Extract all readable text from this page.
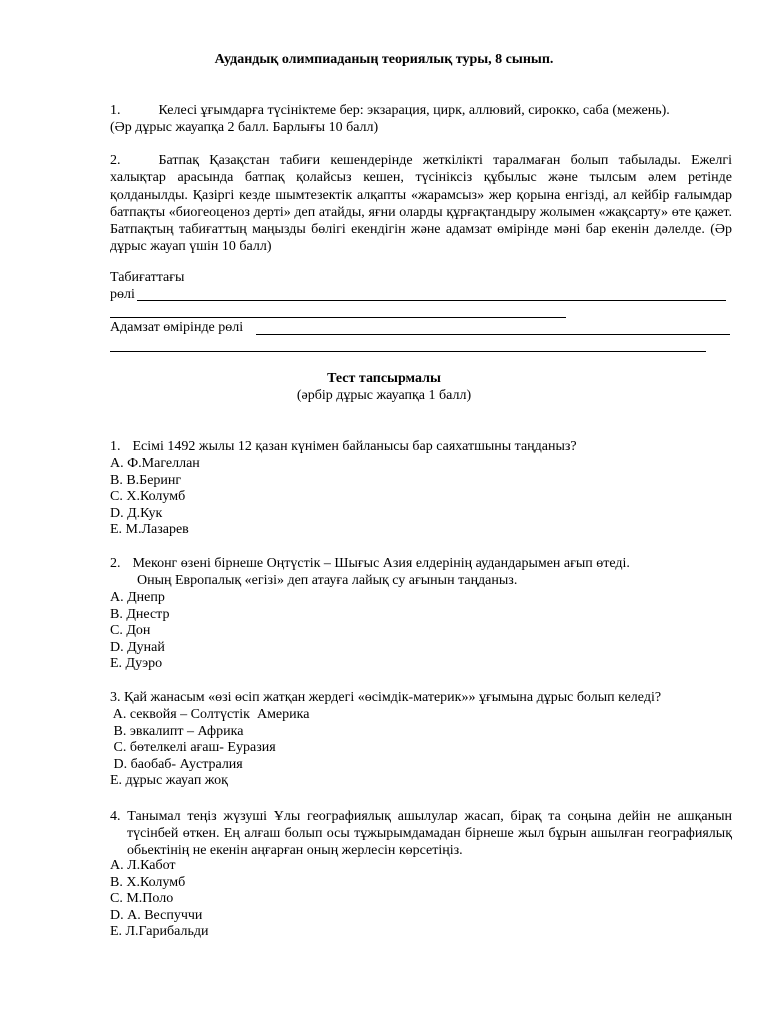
Аудандық олимпиаданың теориялық туры, 8 сынып.
1.	Келесі ұғымдарға түсініктеме бер: экзарация, цирк, аллювий, сирокко, саба (межень).
(Әр дұрыс жауапқа 2 балл. Барлығы 10 балл)
2.	Батпақ Қазақстан табиғи кешендерінде жеткілікті таралмаған болып табылады. Ежелгі халықтар арасында батпақ қолайсыз кешен, түсініксіз құбылыс және тылсым әлем ретінде қолданылды. Қазіргі кезде шымтезектік алқапты «жарамсыз» жер қорына енгізді, ал кейбір ғалымдар батпақты «биогеоценоз дерті» деп атайды, яғни оларды құрғақтандыру жолымен «жақсарту» өте қажет. Батпақтың табиғаттың маңызды бөлігі екендігін және адамзат өмірінде мәні бар екенін дәлелде. (Әр дұрыс жауап үшін 10 балл)
Табиғаттағы
рөлі
Адамзат өмірінде рөлі
Тест тапсырмалы
(әрбір дұрыс жауапқа 1 балл)
1. Есімі 1492 жылы 12 қазан күнімен байланысы бар саяхатшыны таңданыз?
A. Ф.Магеллан
B. В.Беринг
C. Х.Колумб
D. Д.Кук
E. М.Лазарев
2. Меконг өзені бірнеше Оңтүстік – Шығыс Азия елдерінің аудандарымен ағып өтеді.
Оның Европалық «егізі» деп атауға лайық су ағынын таңданыз.
A. Днепр
B. Днестр
C. Дон
D. Дунай
E. Дуэро
3. Қай жанасым «өзі өсіп жатқан жердегі «өсімдік-материк»» ұғымына дұрыс болып келеді?
A. секвойя – Солтүстік  Америка
B. эвкалипт – Африка
C. бөтелкелі ағаш- Еуразия
D. баобаб- Аустралия
E. дұрыс жауап жоқ
4. Танымал теңіз жүзуші Ұлы географиялық ашылулар жасап, бірақ та соңына дейін не ашқанын түсінбей өткен. Ең алғаш болып осы тұжырымдамадан бірнеше жыл бұрын ашылған географиялық обьектінің не екенін аңғарған оның жерлесін көрсетіңіз.
A. Л.Кабот
B. Х.Колумб
C. М.Поло
D. А. Веспуччи
E. Л.Гарибальди
